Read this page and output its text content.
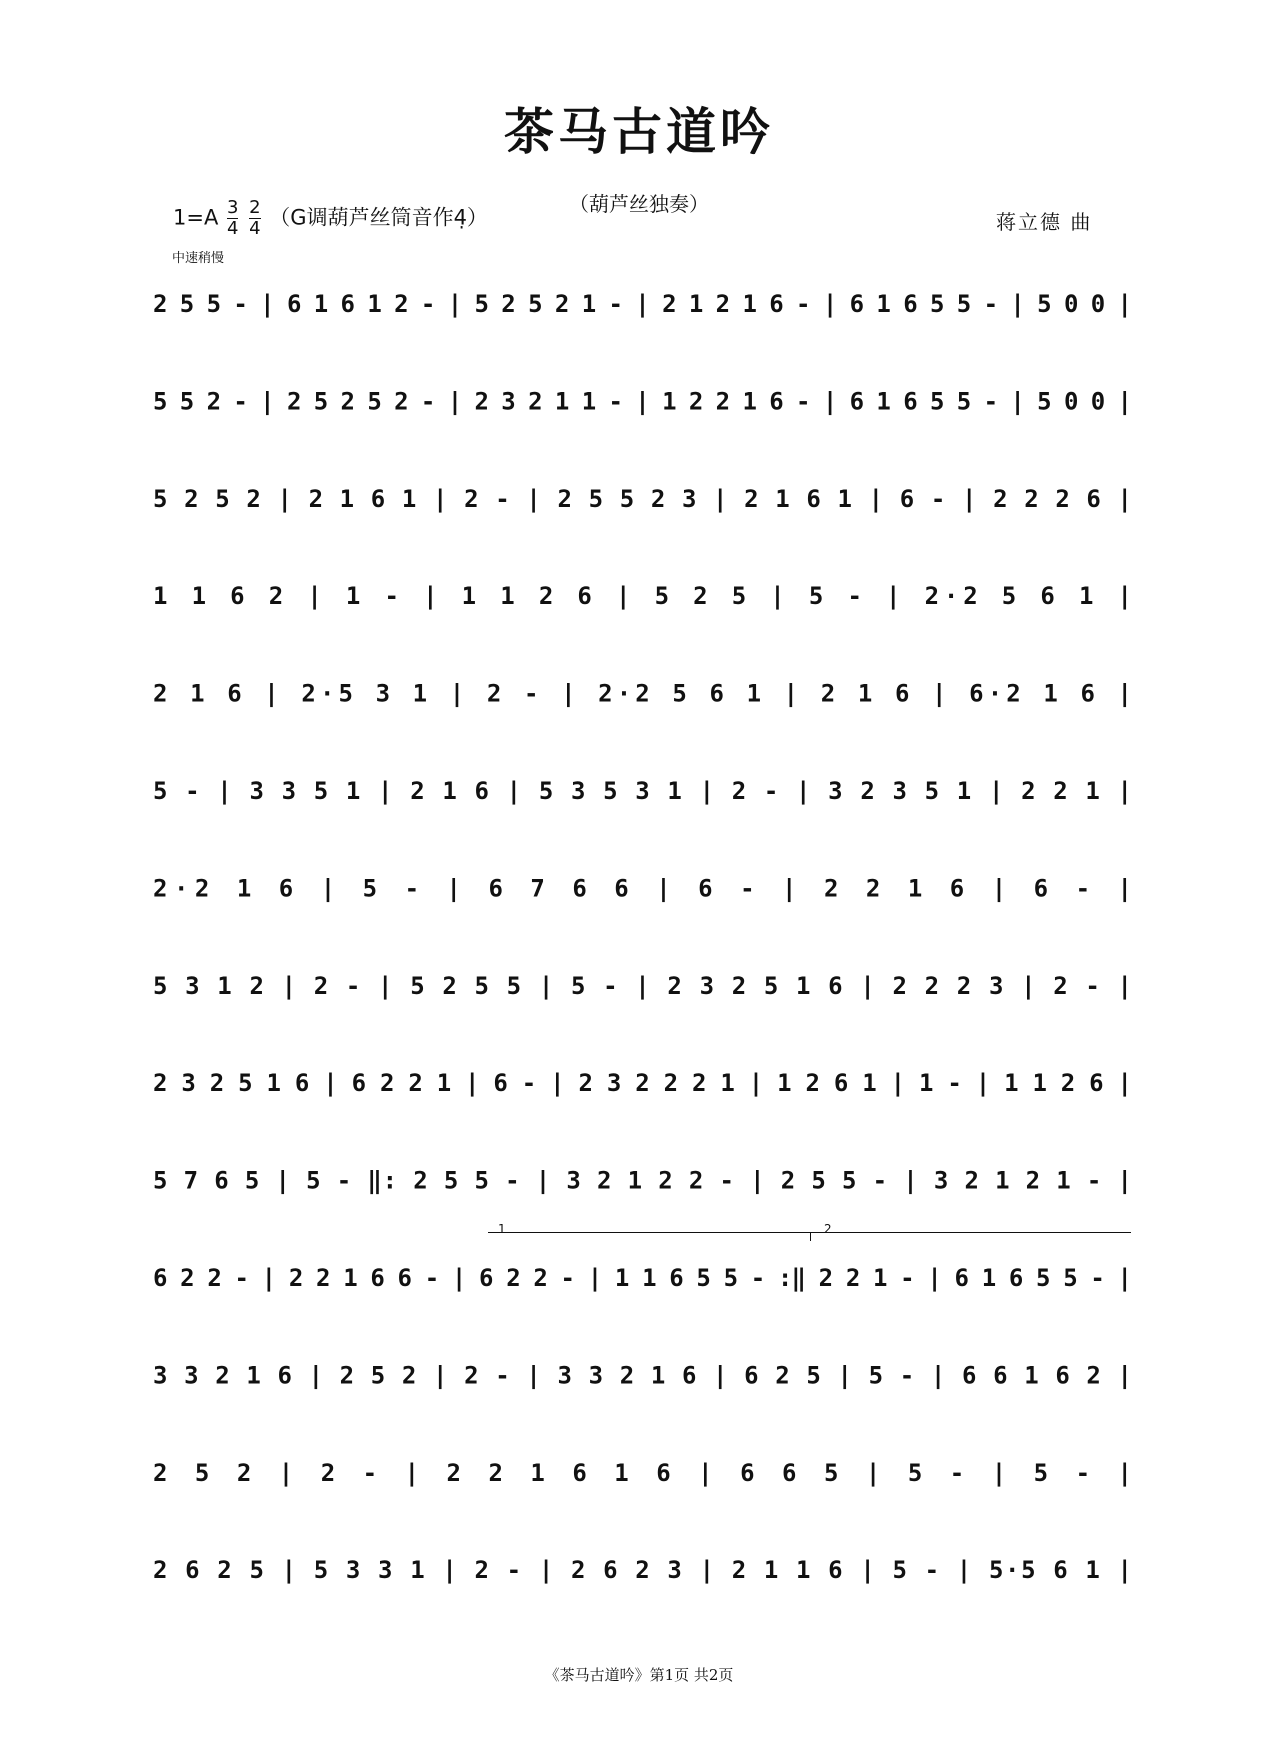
茶马古道吟
（葫芦丝独奏）
$1=A \frac{3}{4}$
$\frac{2}{4} (G$调葫芦丝筒音作4̣）	蒋立德 曲
中速稍慢
1	2
2 5 5 - | 6 1 6 1 2 - | 5 2 5 2 1 - | 2 1 2 1 6 - | 6 1 6 5 5 - | 5 0 0 |
5 5 2 - | 2 5 2 5 2 - | 2 3 2 1 1 - | 1 2 2 1 6 - | 6 1 6 5 5 - | 5 0 0 |
5 2 5 2 | 2 1 6 1 | 2 - | 2 5 5 2 3 | 2 1 6 1 | 6 - | 2 2 2 6 |
1 1 6 2 | 1 - | 1 1 2 6 | 5 2 5 | 5 - | 2·2 5 6 1 |
2 1 6 | 2·5 3 1 | 2 - | 2·2 5 6 1 | 2 1 6 | 6·2 1 6 |
5 - | 3 3 5 1 | 2 1 6 | 5 3 5 3 1 | 2 - | 3 2 3 5 1 | 2 2 1 |
2·2 1 6 | 5 - | 6 7 6 6 | 6 - | 2 2 1 6 | 6 - |
5 3 1 2 | 2 - | 5 2 5 5 | 5 - | 2 3 2 5 1 6 | 2 2 2 3 | 2 - |
2 3 2 5 1 6 | 6 2 2 1 | 6 - | 2 3 2 2 2 1 | 1 2 6 1 | 1 - | 1 1 2 6 |
5 7 6 5 | 5 - ‖: 2 5 5 - | 3 2 1 2 2 - | 2 5 5 - | 3 2 1 2 1 - |
6 2 2 - | 2 2 1 6 6 - | 6 2 2 - | 1 1 6 5 5 - :‖ 2 2 1 - | 6 1 6 5 5 - |
3 3 2 1 6 | 2 5 2 | 2 - | 3 3 2 1 6 | 6 2 5 | 5 - | 6 6 1 6 2 |
2 5 2 | 2 - | 2 2 1 6 1 6 | 6 6 5 | 5 - | 5 - |
2 6 2 5 | 5 3 3 1 | 2 - | 2 6 2 3 | 2 1 1 6 | 5 - | 5·5 6 1 |
《茶马古道吟》第1页 共2页
